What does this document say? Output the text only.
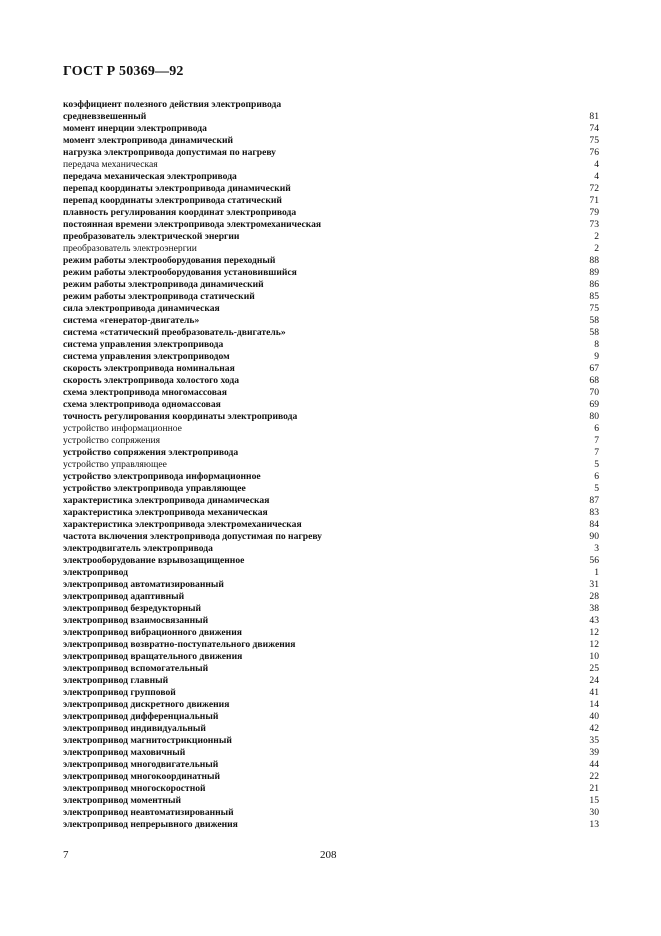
ГОСТ Р 50369—92
коэффициент полезного действия электропривода
средневзвешенный	81
момент инерции электропривода	74
момент электропривода динамический	75
нагрузка электропривода допустимая по нагреву	76
передача механическая	4
передача механическая электропривода	4
перепад координаты электропривода динамический	72
перепад координаты электропривода статический	71
плавность регулирования координат электропривода	79
постоянная времени электропривода электромеханическая	73
преобразователь электрической энергии	2
преобразователь электроэнергии	2
режим работы электрооборудования переходный	88
режим работы электрооборудования установившийся	89
режим работы электропривода динамический	86
режим работы электропривода статический	85
сила электропривода динамическая	75
система «генератор-двигатель»	58
система «статический преобразователь-двигатель»	58
система управления электропривода	8
система управления электроприводом	9
скорость электропривода номинальная	67
скорость электропривода холостого хода	68
схема электропривода многомассовая	70
схема электропривода одномассовая	69
точность регулирования координаты электропривода	80
устройство информационное	6
устройство сопряжения	7
устройство сопряжения электропривода	7
устройство управляющее	5
устройство электропривода информационное	6
устройство электропривода управляющее	5
характеристика электропривода динамическая	87
характеристика электропривода механическая	83
характеристика электропривода электромеханическая	84
частота включения электропривода допустимая по нагреву	90
электродвигатель электропривода	3
электрооборудование взрывозащищенное	56
электропривод	1
электропривод автоматизированный	31
электропривод адаптивный	28
электропривод безредукторный	38
электропривод взаимосвязанный	43
электропривод вибрационного движения	12
электропривод возвратно-поступательного движения	12
электропривод вращательного движения	10
электропривод вспомогательный	25
электропривод главный	24
электропривод групповой	41
электропривод дискретного движения	14
электропривод дифференциальный	40
электропривод индивидуальный	42
электропривод магнитострикционный	35
электропривод маховичный	39
электропривод многодвигательный	44
электропривод многокоординатный	22
электропривод многоскоростной	21
электропривод моментный	15
электропривод неавтоматизированный	30
электропривод непрерывного движения	13
7	208
